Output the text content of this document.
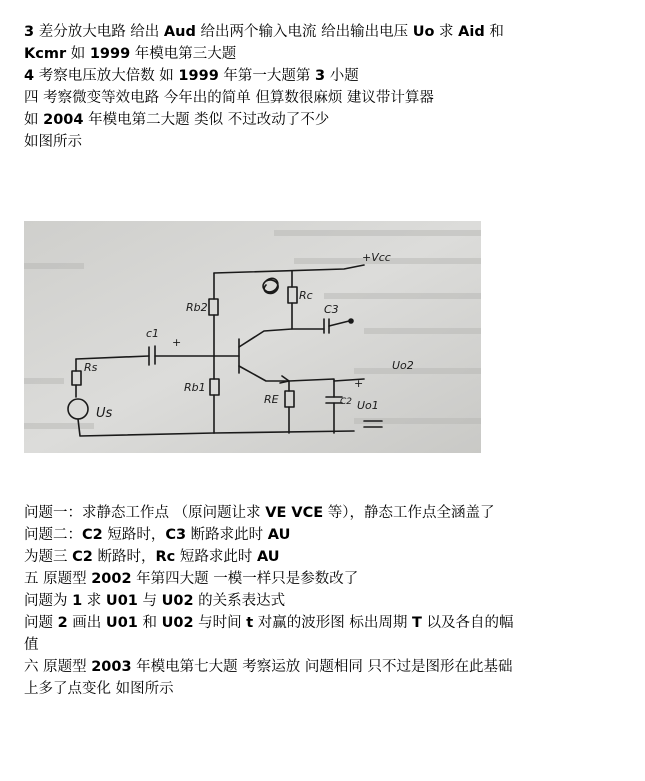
3 差分放大电路 给出 Aud 给出两个输入电流 给出输出电压 Uo 求 Aid 和
Kcmr 如 1999 年模电第三大题
4 考察电压放大倍数 如 1999 年第一大题第 3 小题
四 考察微变等效电路 今年出的简单 但算数很麻烦 建议带计算器
如 2004 年模电第二大题 类似 不过改动了不少
如图所示
+Vcc
Rb2
Rc
C3
c1
+
Rs
Us
Rb1
RE	C2
+
Uo1
Uo2
问题一：求静态工作点 （原问题让求 VE VCE 等），静态工作点全涵盖了
问题二：C2 短路时，C3 断路求此时 AU
为题三 C2 断路时，Rc 短路求此时 AU
五 原题型 2002 年第四大题 一模一样只是参数改了
问题为 1 求 U01 与 U02 的关系表达式
问题 2 画出 U01 和 U02 与时间 t 对赢的波形图 标出周期 T 以及各自的幅
值
六 原题型 2003 年模电第七大题 考察运放 问题相同 只不过是图形在此基础
上多了点变化 如图所示
